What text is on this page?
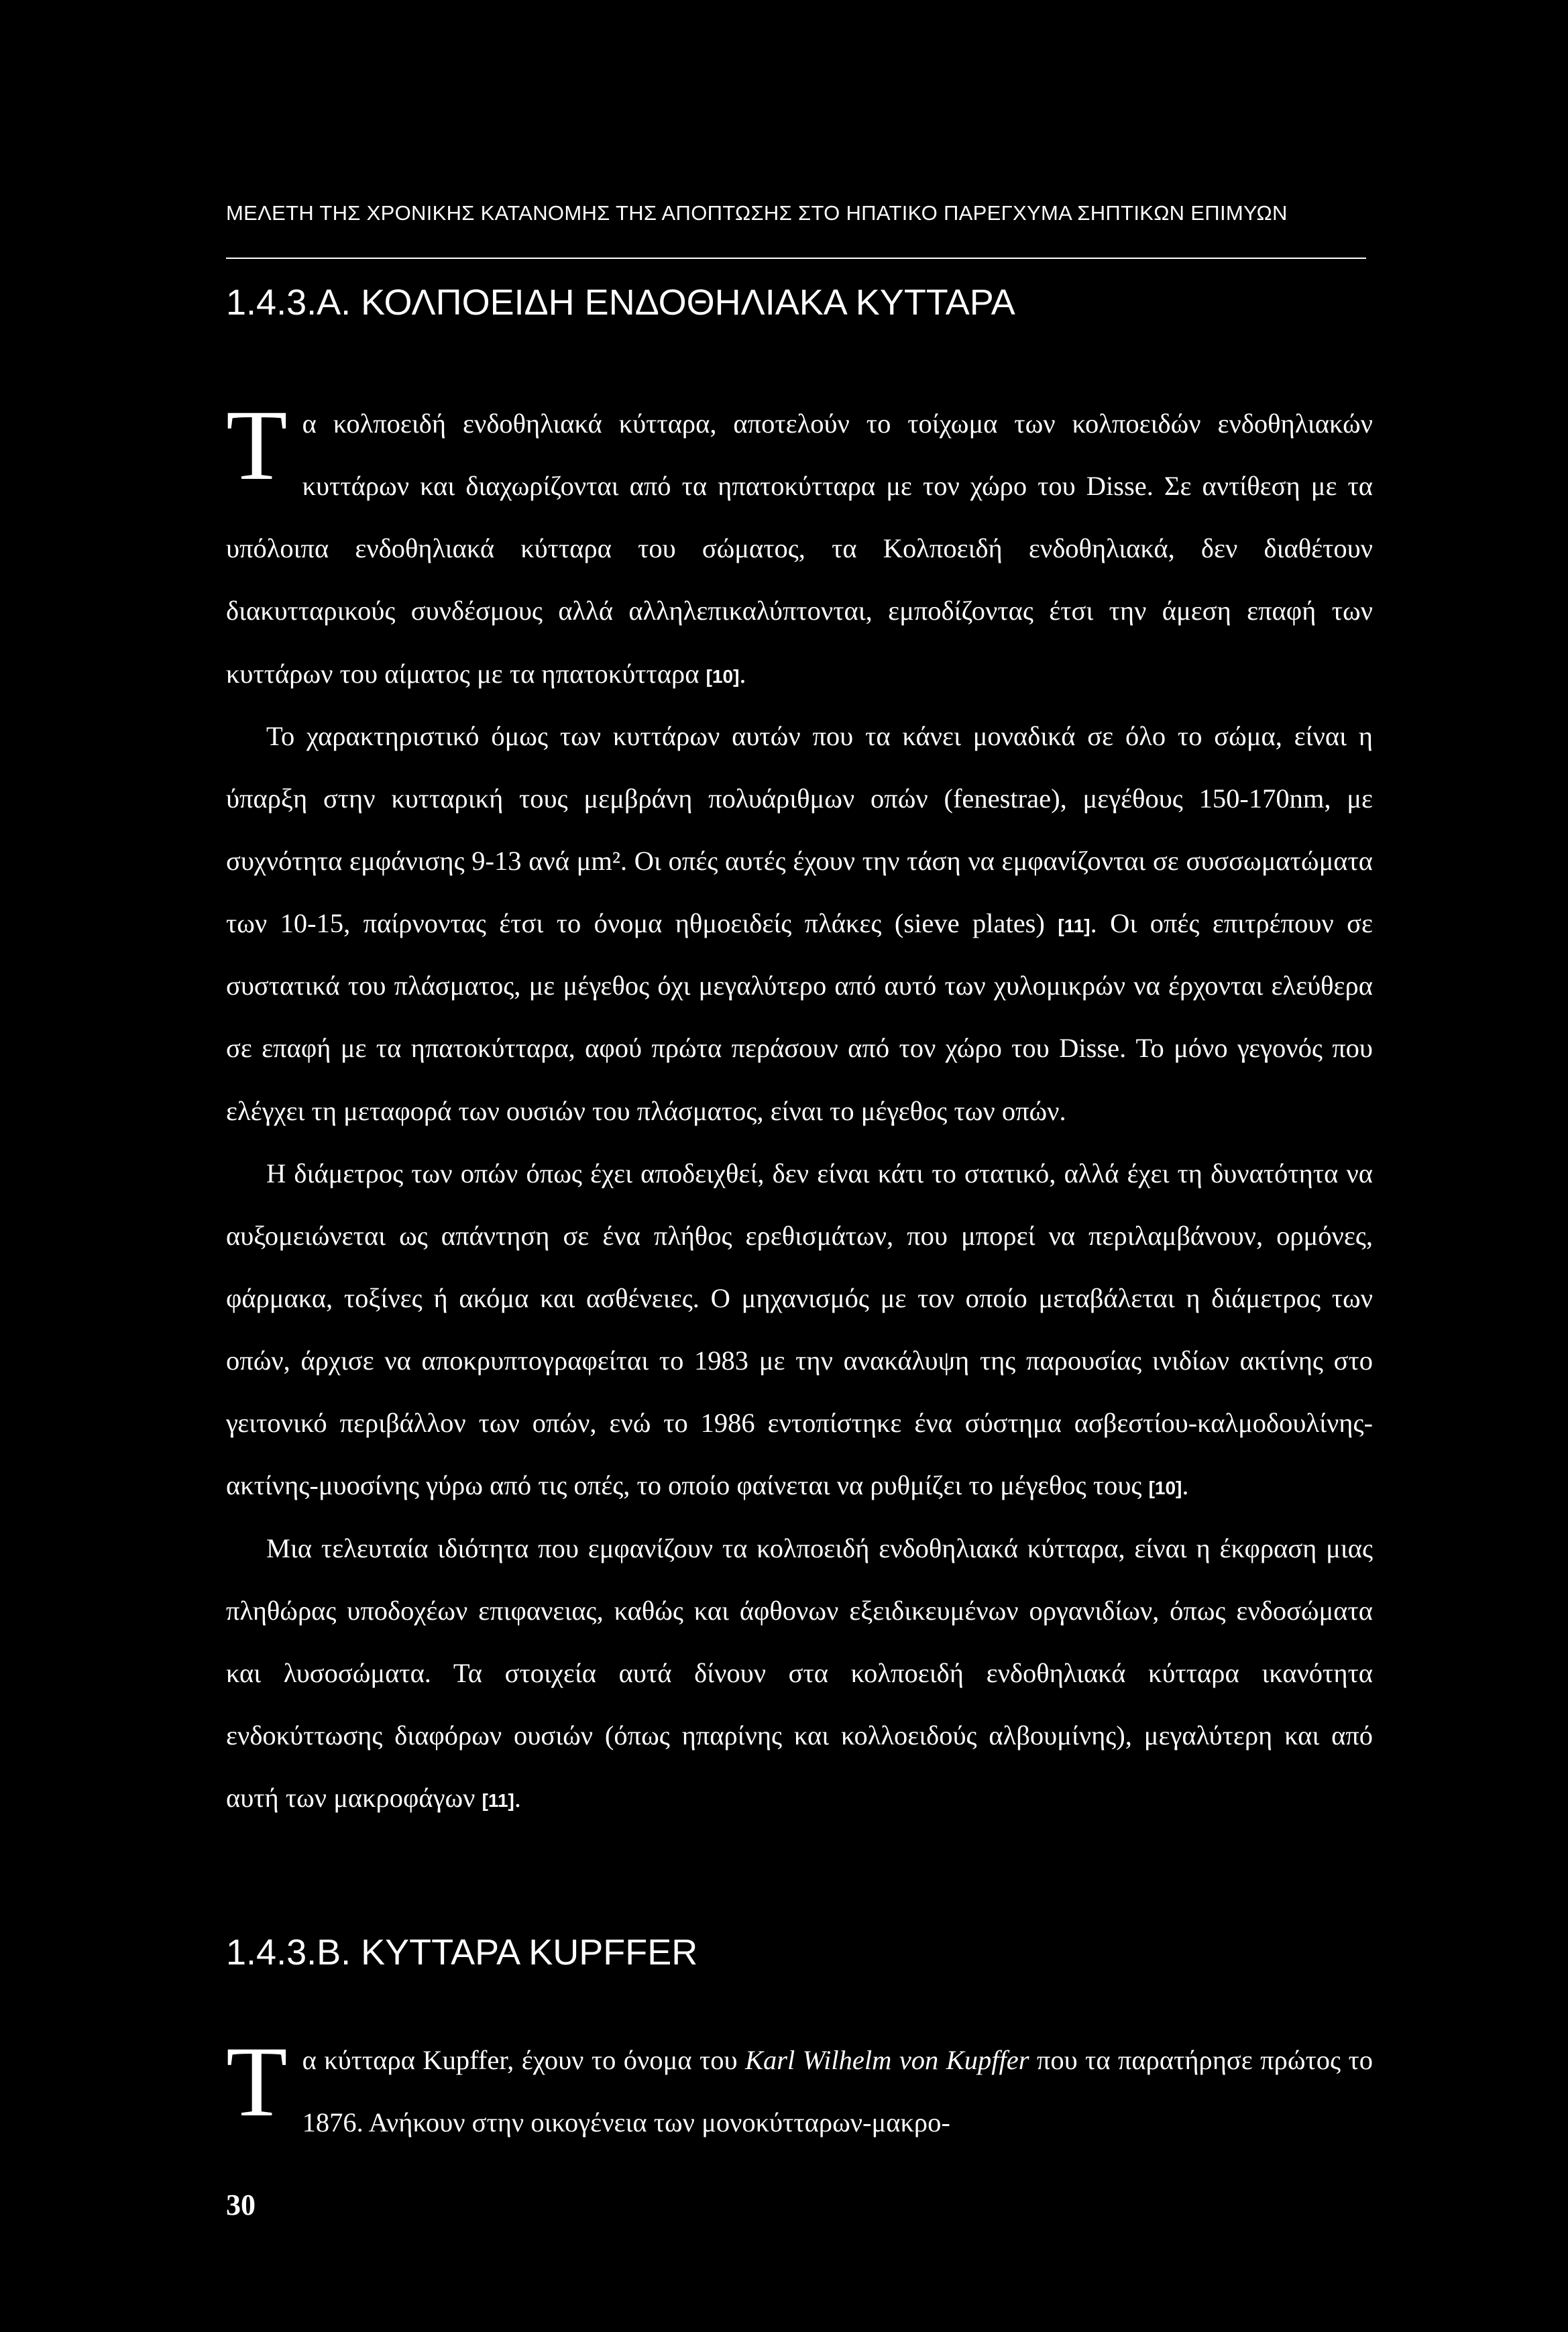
ΜΕΛΕΤΗ ΤΗΣ ΧΡΟΝΙΚΗΣ ΚΑΤΑΝΟΜΗΣ ΤΗΣ ΑΠΟΠΤΩΣΗΣ ΣΤΟ ΗΠΑΤΙΚΟ ΠΑΡΕΓΧΥΜΑ ΣΗΠΤΙΚΩΝ ΕΠΙΜΥΩΝ
1.4.3.Α. ΚΟΛΠΟΕΙΔΗ ΕΝΔΟΘΗΛΙΑΚΑ ΚΥΤΤΑΡΑ

Τα κολποειδή ενδοθηλιακά κύτταρα, αποτελούν το τοίχωμα των κολποειδών ενδοθηλιακών κυττάρων και διαχωρίζονται από τα ηπατοκύτταρα με τον χώρο του Disse. Σε αντίθεση με τα υπόλοιπα ενδοθηλιακά κύτταρα του σώματος, τα Κολποειδή ενδοθηλιακά, δεν διαθέτουν διακυτταρικούς συνδέσμους αλλά αλληλεπικαλύπτονται, εμποδίζοντας έτσι την άμεση επαφή των κυττάρων του αίματος με τα ηπατοκύτταρα [10].

Το χαρακτηριστικό όμως των κυττάρων αυτών που τα κάνει μοναδικά σε όλο το σώμα, είναι η ύπαρξη στην κυτταρική τους μεμβράνη πολυάριθμων οπών (fenestrae), μεγέθους 150-170nm, με συχνότητα εμφάνισης 9-13 ανά μm². Οι οπές αυτές έχουν την τάση να εμφανίζονται σε συσσωματώματα των 10-15, παίρνοντας έτσι το όνομα ηθμοειδείς πλάκες (sieve plates) [11]. Οι οπές επιτρέπουν σε συστατικά του πλάσματος, με μέγεθος όχι μεγαλύτερο από αυτό των χυλομικρών να έρχονται ελεύθερα σε επαφή με τα ηπατοκύτταρα, αφού πρώτα περάσουν από τον χώρο του Disse. Το μόνο γεγονός που ελέγχει τη μεταφορά των ουσιών του πλάσματος, είναι το μέγεθος των οπών.

Η διάμετρος των οπών όπως έχει αποδειχθεί, δεν είναι κάτι το στατικό, αλλά έχει τη δυνατότητα να αυξομειώνεται ως απάντηση σε ένα πλήθος ερεθισμάτων, που μπορεί να περιλαμβάνουν, ορμόνες, φάρμακα, τοξίνες ή ακόμα και ασθένειες. Ο μηχανισμός με τον οποίο μεταβάλεται η διάμετρος των οπών, άρχισε να αποκρυπτογραφείται το 1983 με την ανακάλυψη της παρουσίας ινιδίων ακτίνης στο γειτονικό περιβάλλον των οπών, ενώ το 1986 εντοπίστηκε ένα σύστημα ασβεστίου-καλμοδουλίνης-ακτίνης-μυοσίνης γύρω από τις οπές, το οποίο φαίνεται να ρυθμίζει το μέγεθος τους [10].

Μια τελευταία ιδιότητα που εμφανίζουν τα κολποειδή ενδοθηλιακά κύτταρα, είναι η έκφραση μιας πληθώρας υποδοχέων επιφανειας, καθώς και άφθονων εξειδικευμένων οργανιδίων, όπως ενδοσώματα και λυσοσώματα. Τα στοιχεία αυτά δίνουν στα κολποειδή ενδοθηλιακά κύτταρα ικανότητα ενδοκύττωσης διαφόρων ουσιών (όπως ηπαρίνης και κολλοειδούς αλβουμίνης), μεγαλύτερη και από αυτή των μακροφάγων [11].

1.4.3.Β. ΚΥΤΤΑΡΑ KUPFFER

Τα κύτταρα Kupffer, έχουν το όνομα του Karl Wilhelm von Kupffer που τα παρατήρησε πρώτος το 1876. Ανήκουν στην οικογένεια των μονοκύτταρων-μακρο-

30
